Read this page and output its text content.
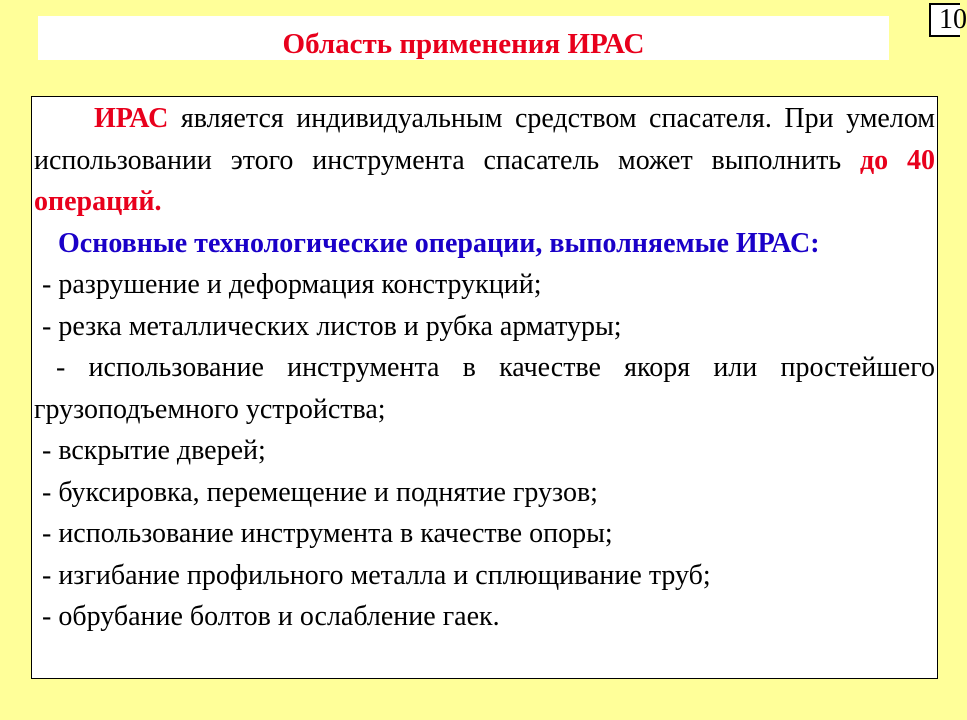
10
Область применения ИРАС

ИРАС является индивидуальным средством спасателя. При умелом использовании этого инструмента спасатель может выполнить до 40 операций.

Основные технологические операции, выполняемые ИРАС:

- разрушение и деформация конструкций;

- резка металлических листов и рубка арматуры;

- использование инструмента в качестве якоря или простейшего грузоподъемного устройства;

- вскрытие дверей;

- буксировка, перемещение и поднятие грузов;

- использование инструмента в качестве опоры;

- изгибание профильного металла и сплющивание труб;

- обрубание болтов и ослабление гаек.
